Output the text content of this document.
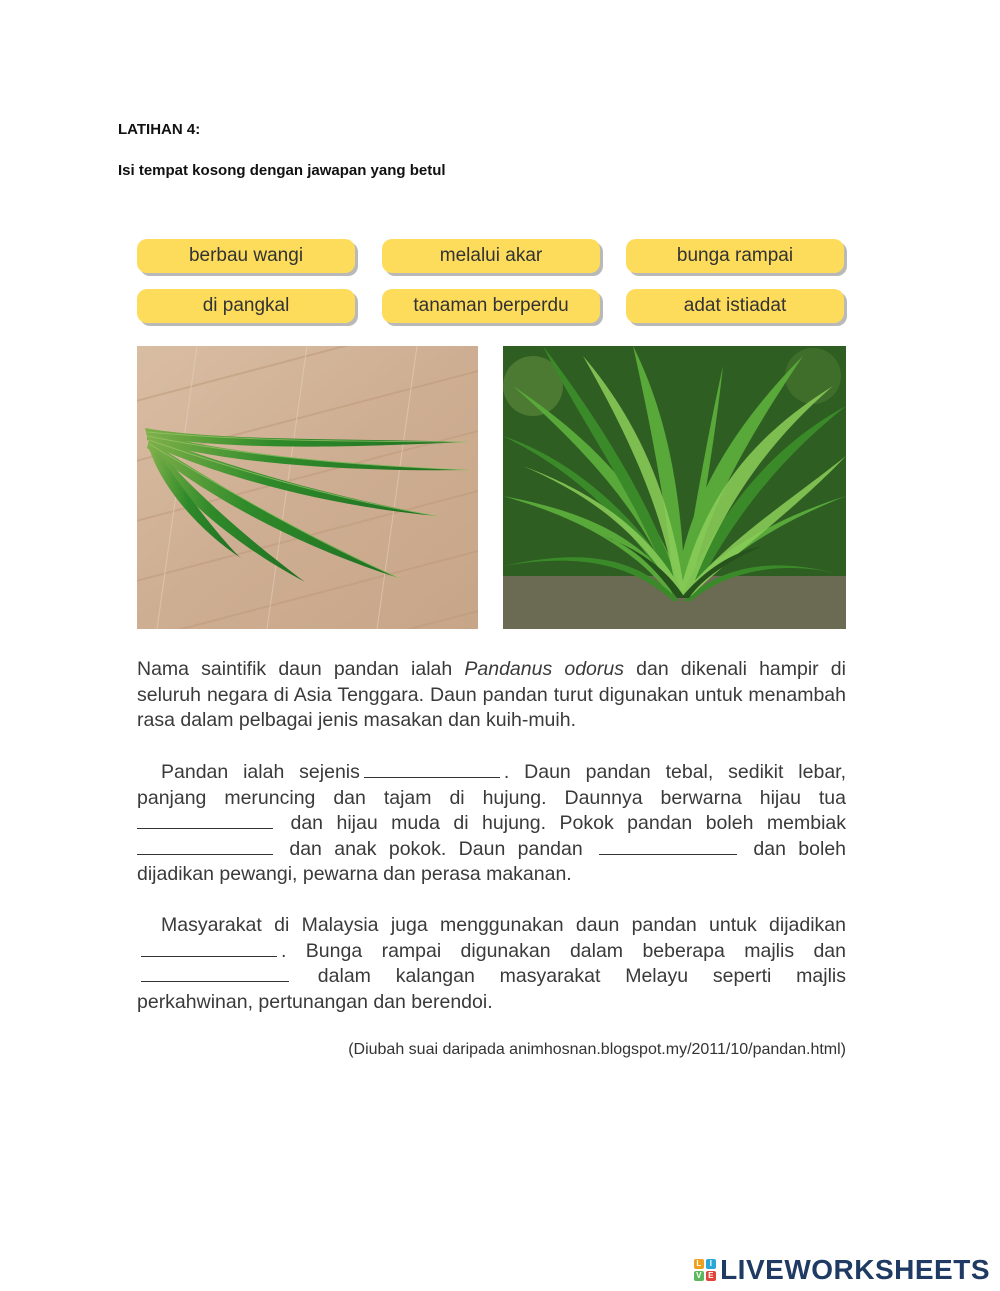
LATIHAN 4:
Isi tempat kosong dengan jawapan yang betul
berbau wangi	melalui akar	bunga rampai
di pangkal	tanaman berperdu	adat istiadat

Nama saintifik daun pandan ialah Pandanus odorus dan dikenali hampir di seluruh negara di Asia Tenggara. Daun pandan turut digunakan untuk menambah rasa dalam pelbagai jenis masakan dan kuih-muih.

Pandan ialah sejenis	. Daun pandan tebal, sedikit lebar, panjang meruncing dan tajam di hujung. Daunnya berwarna hijau tua  dan hijau muda di hujung. Pokok pandan boleh membiak  dan anak pokok. Daun pandan	dan boleh dijadikan pewangi, pewarna dan perasa makanan.

Masyarakat di Malaysia juga menggunakan daun pandan untuk dijadikan . Bunga rampai digunakan dalam beberapa majlis dan  dalam kalangan masyarakat Melayu seperti majlis perkahwinan, pertunangan dan berendoi.

(Diubah suai daripada animhosnan.blogspot.my/2011/10/pandan.html)
L I
V E LIVEWORKSHEETS
